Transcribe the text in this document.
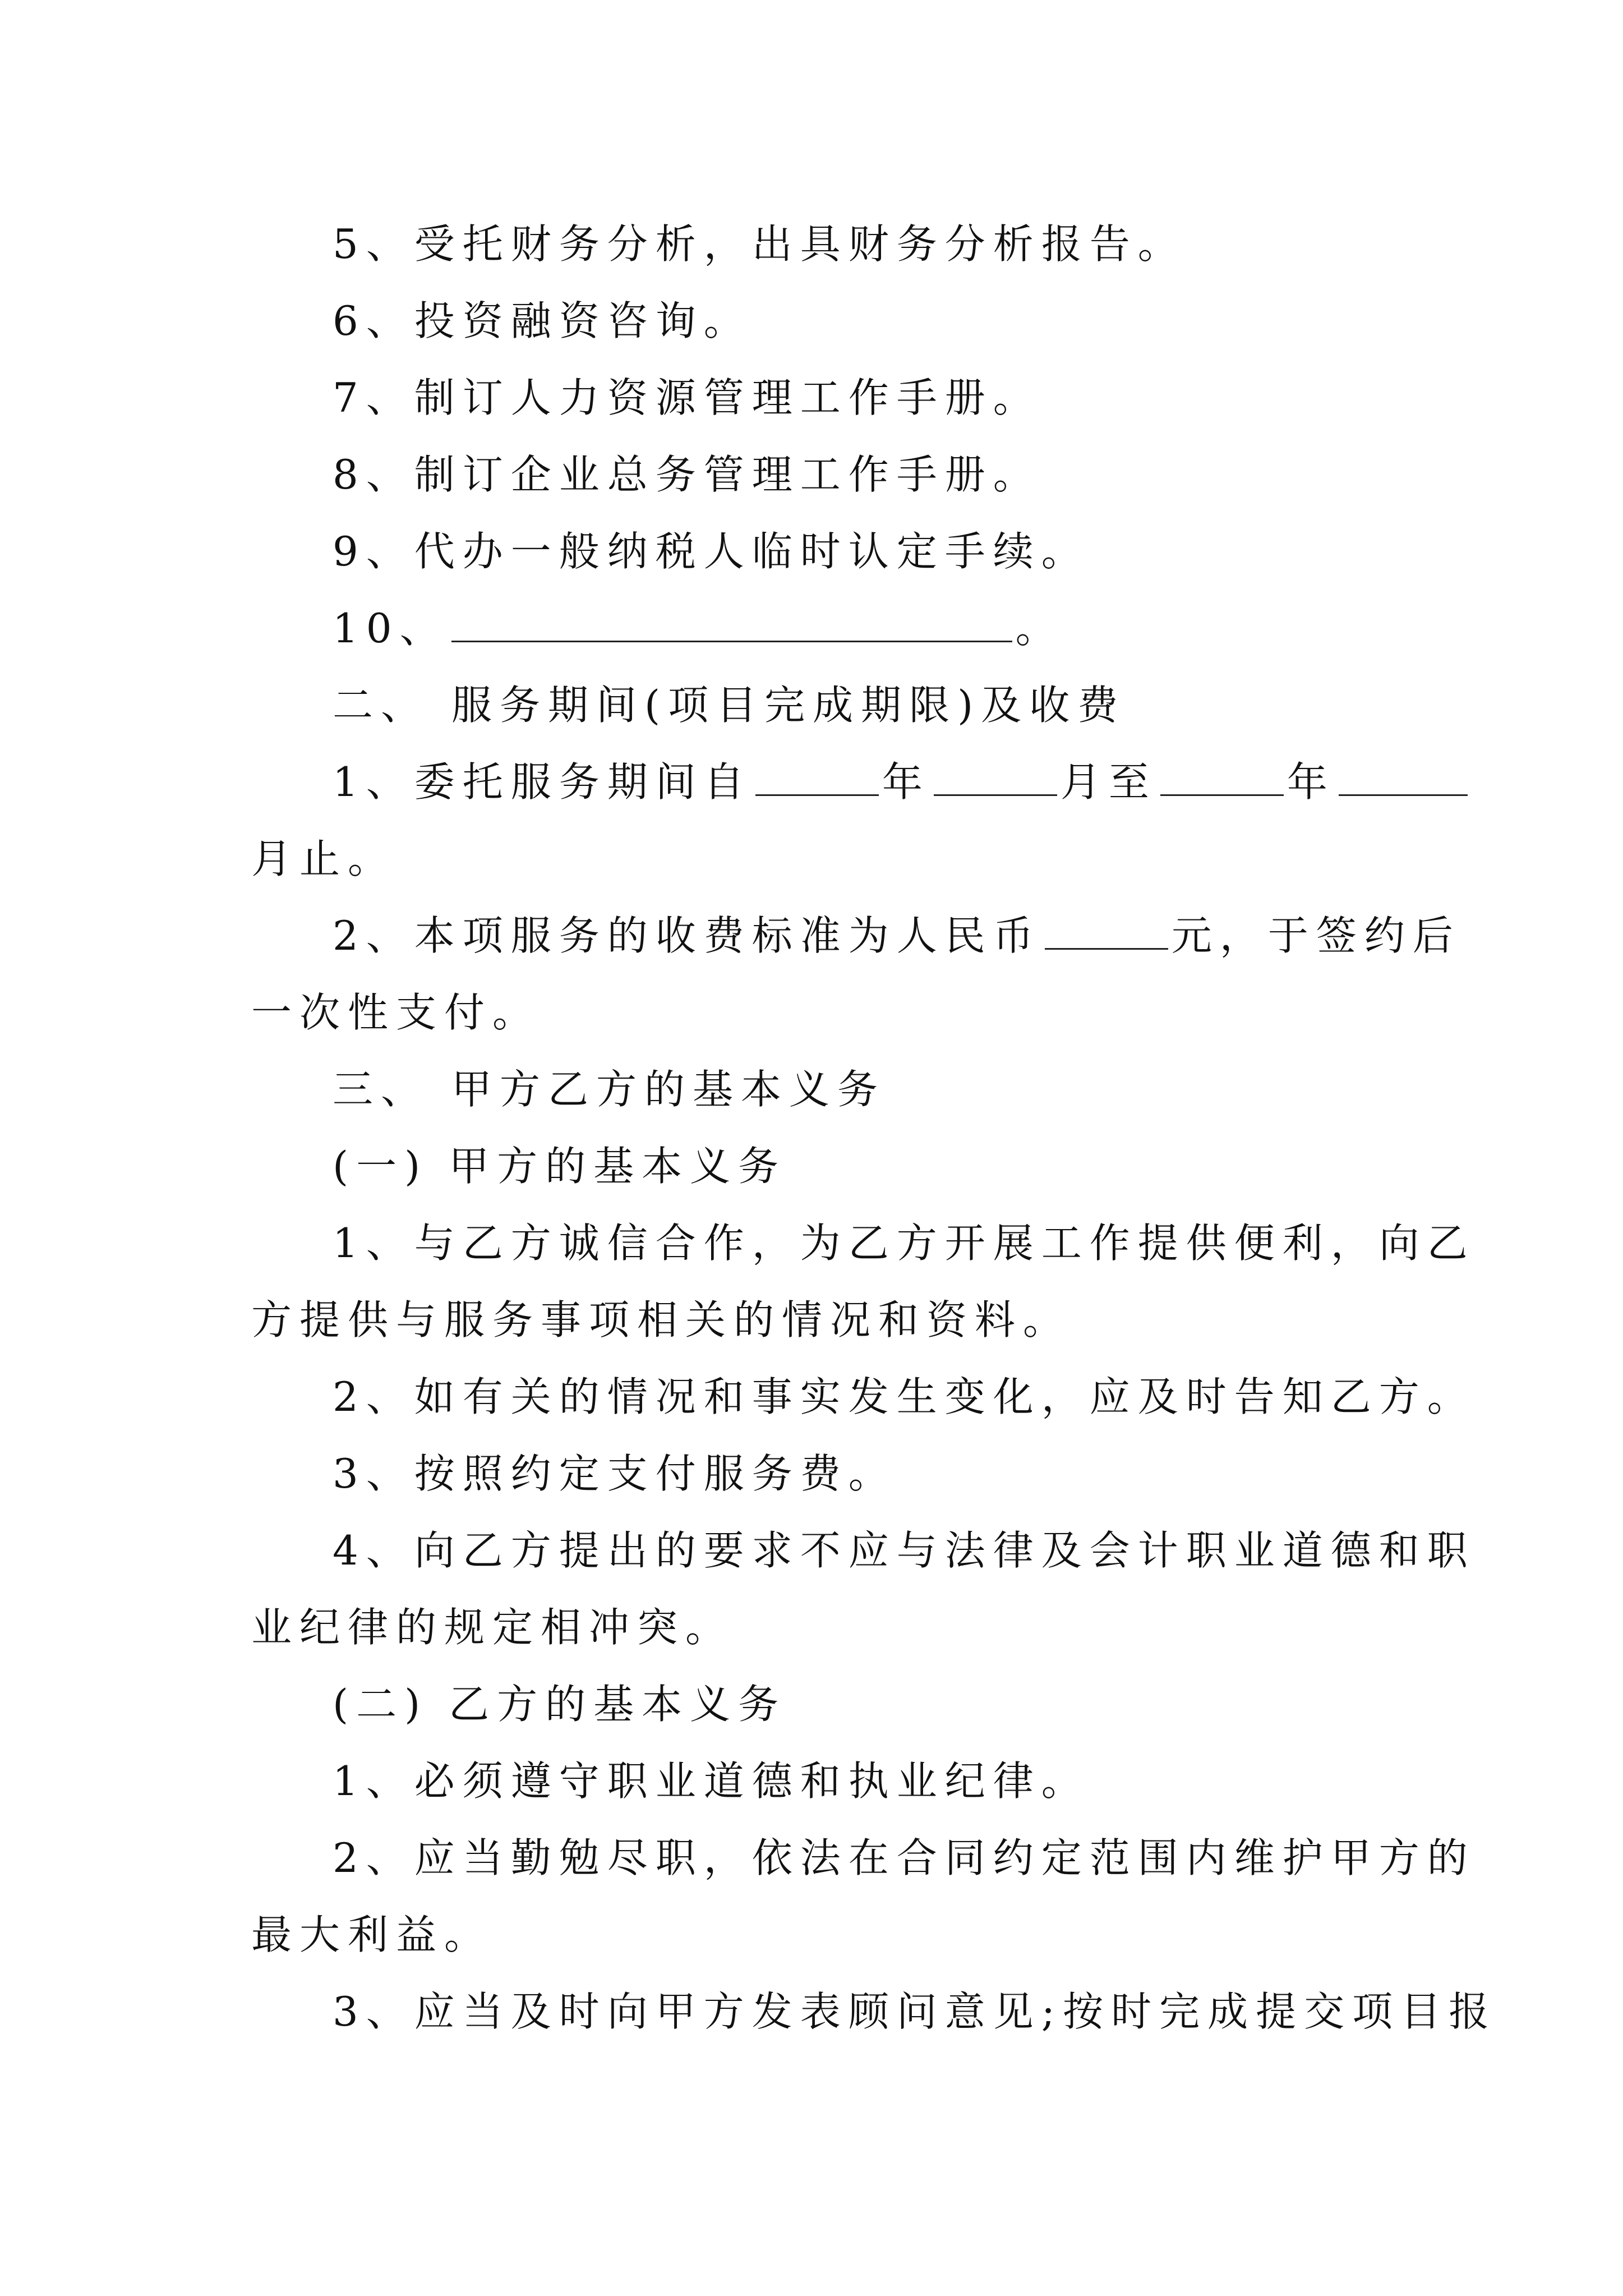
5、受托财务分析，出具财务分析报告。
6、投资融资咨询。
7、制订人力资源管理工作手册。
8、制订企业总务管理工作手册。
9、代办一般纳税人临时认定手续。
10、	。
二、 服务期间(项目完成期限)及收费
1、委托服务期间自	年	月至	年
月止。
2、本项服务的收费标准为人民币	元，于签约后
一次性支付。
三、 甲方乙方的基本义务
(一) 甲方的基本义务
1、与乙方诚信合作，为乙方开展工作提供便利，向乙
方提供与服务事项相关的情况和资料。
2、如有关的情况和事实发生变化，应及时告知乙方。
3、按照约定支付服务费。
4、向乙方提出的要求不应与法律及会计职业道德和职
业纪律的规定相冲突。
(二) 乙方的基本义务
1、必须遵守职业道德和执业纪律。
2、应当勤勉尽职，依法在合同约定范围内维护甲方的
最大利益。
3、应当及时向甲方发表顾问意见;按时完成提交项目报
